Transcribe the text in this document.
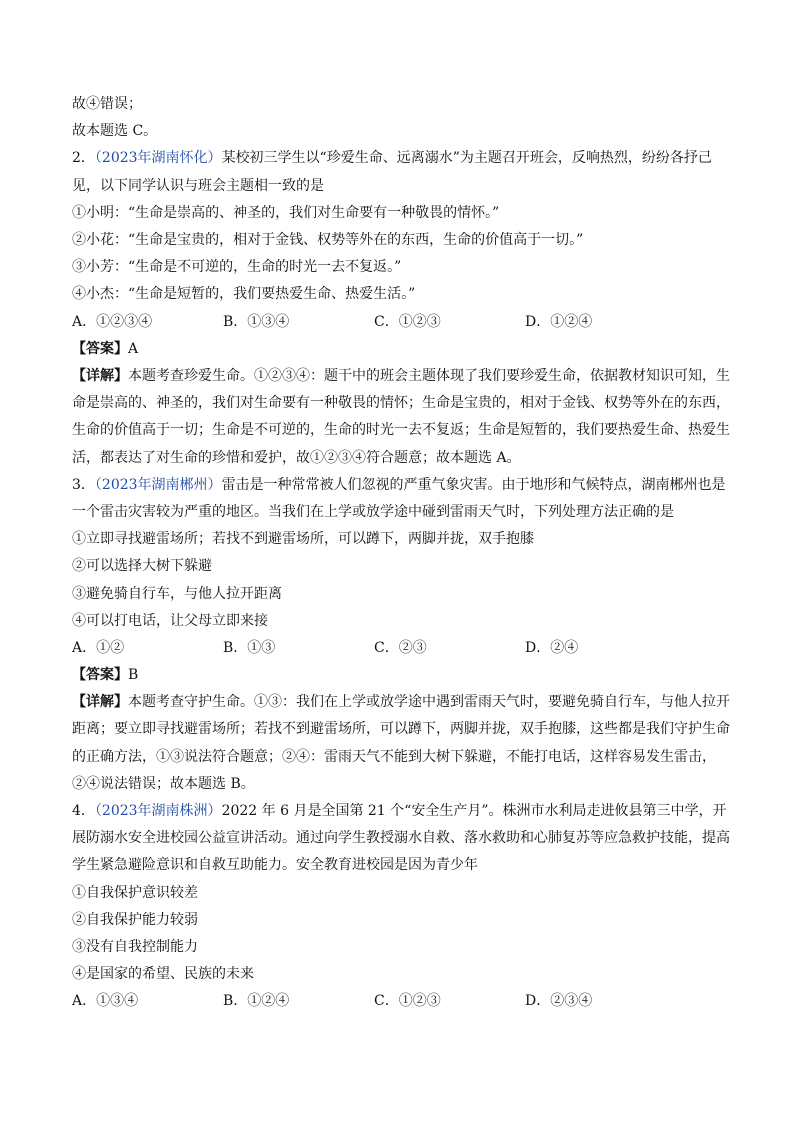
故④错误；
故本题选 C。
2．（2023年湖南怀化）某校初三学生以“珍爱生命、远离溺水”为主题召开班会，反响热烈，纷纷各抒己见，以下同学认识与班会主题相一致的是
①小明：“生命是崇高的、神圣的，我们对生命要有一种敬畏的情怀。”
②小花：“生命是宝贵的，相对于金钱、权势等外在的东西，生命的价值高于一切。”
③小芳：“生命是不可逆的，生命的时光一去不复返。”
④小杰：“生命是短暂的，我们要热爱生命、热爱生活。”
A．①②③④	B．①③④	C．①②③	D．①②④
【答案】A
【详解】本题考查珍爱生命。①②③④：题干中的班会主题体现了我们要珍爱生命，依据教材知识可知，生命是崇高的、神圣的，我们对生命要有一种敬畏的情怀；生命是宝贵的，相对于金钱、权势等外在的东西，生命的价值高于一切；生命是不可逆的，生命的时光一去不复返；生命是短暂的，我们要热爱生命、热爱生活，都表达了对生命的珍惜和爱护，故①②③④符合题意；故本题选 A。
3．（2023年湖南郴州）雷击是一种常常被人们忽视的严重气象灾害。由于地形和气候特点，湖南郴州也是一个雷击灾害较为严重的地区。当我们在上学或放学途中碰到雷雨天气时，下列处理方法正确的是
①立即寻找避雷场所；若找不到避雷场所，可以蹲下，两脚并拢，双手抱膝
②可以选择大树下躲避
③避免骑自行车，与他人拉开距离
④可以打电话，让父母立即来接
A．①②	B．①③	C．②③	D．②④
【答案】B
【详解】本题考查守护生命。①③：我们在上学或放学途中遇到雷雨天气时，要避免骑自行车，与他人拉开距离；要立即寻找避雷场所；若找不到避雷场所，可以蹲下，两脚并拢，双手抱膝，这些都是我们守护生命的正确方法，①③说法符合题意；②④：雷雨天气不能到大树下躲避，不能打电话，这样容易发生雷击，②④说法错误；故本题选 B。
4．（2023年湖南株洲）2022 年 6 月是全国第 21 个“安全生产月”。株洲市水利局走进攸县第三中学，开展防溺水安全进校园公益宣讲活动。通过向学生教授溺水自救、落水救助和心肺复苏等应急救护技能，提高学生紧急避险意识和自救互助能力。安全教育进校园是因为青少年
①自我保护意识较差
②自我保护能力较弱
③没有自我控制能力
④是国家的希望、民族的未来
A．①③④	B．①②④	C．①②③	D．②③④
